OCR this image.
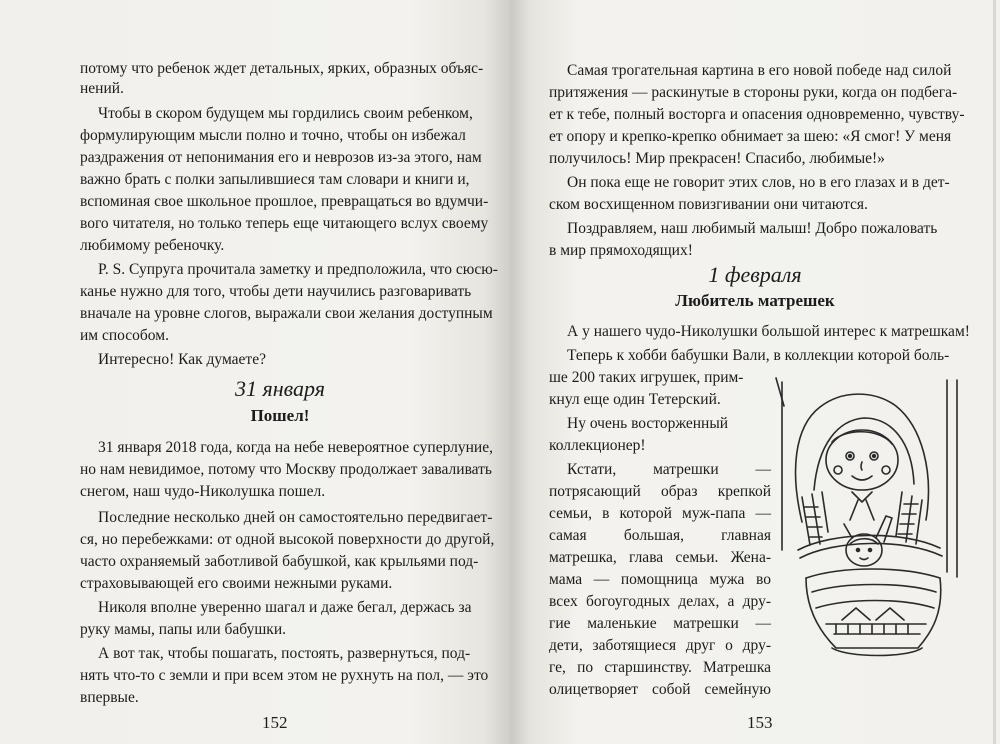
потому что ребенок ждет детальных, ярких, образных объяс-

нений.

Чтобы в скором будущем мы гордились своим ребенком,

формулирующим мысли полно и точно, чтобы он избежал

раздражения от непонимания его и неврозов из-за этого, нам

важно брать с полки запылившиеся там словари и книги и,

вспоминая свое школьное прошлое, превращаться во вдумчи-

вого читателя, но только теперь еще читающего вслух своему

любимому ребеночку.

P. S. Супруга прочитала заметку и предположила, что сюсю-

канье нужно для того, чтобы дети научились разговаривать

вначале на уровне слогов, выражали свои желания доступным

им способом.

Интересно! Как думаете?

31 января

Пошел!

31 января 2018 года, когда на небе невероятное суперлуние,

но нам невидимое, потому что Москву продолжает заваливать

снегом, наш чудо-Николушка пошел.

Последние несколько дней он самостоятельно передвигает-

ся, но перебежками: от одной высокой поверхности до другой,

часто охраняемый заботливой бабушкой, как крыльями под-

страховывающей его своими нежными руками.

Николя вполне уверенно шагал и даже бегал, держась за

руку мамы, папы или бабушки.

А вот так, чтобы пошагать, постоять, развернуться, под-

нять что-то с земли и при всем этом не рухнуть на пол, — это

впервые.

152

Самая трогательная картина в его новой победе над силой

притяжения — раскинутые в стороны руки, когда он подбега-

ет к тебе, полный восторга и опасения одновременно, чувству-

ет опору и крепко-крепко обнимает за шею: «Я смог! У меня

получилось! Мир прекрасен! Спасибо, любимые!»

Он пока еще не говорит этих слов, но в его глазах и в дет-

ском восхищенном повизгивании они читаются.

Поздравляем, наш любимый малыш! Добро пожаловать

в мир прямоходящих!

1 февраля

Любитель матрешек

А у нашего чудо-Николушки большой интерес к матрешкам!

Теперь к хобби бабушки Вали, в коллекции которой боль-

ше 200 таких игрушек, прим-

кнул еще один Тетерский.

Ну очень восторженный

коллекционер!

Кстати, матрешки —

потрясающий образ крепкой

семьи, в которой муж-папа —

самая большая, главная

матрешка, глава семьи. Жена-

мама — помощница мужа во

всех богоугодных делах, а дру-

гие маленькие матрешки —

дети, заботящиеся друг о дру-

ге, по старшинству. Матрешка

олицетворяет собой семейную

153
